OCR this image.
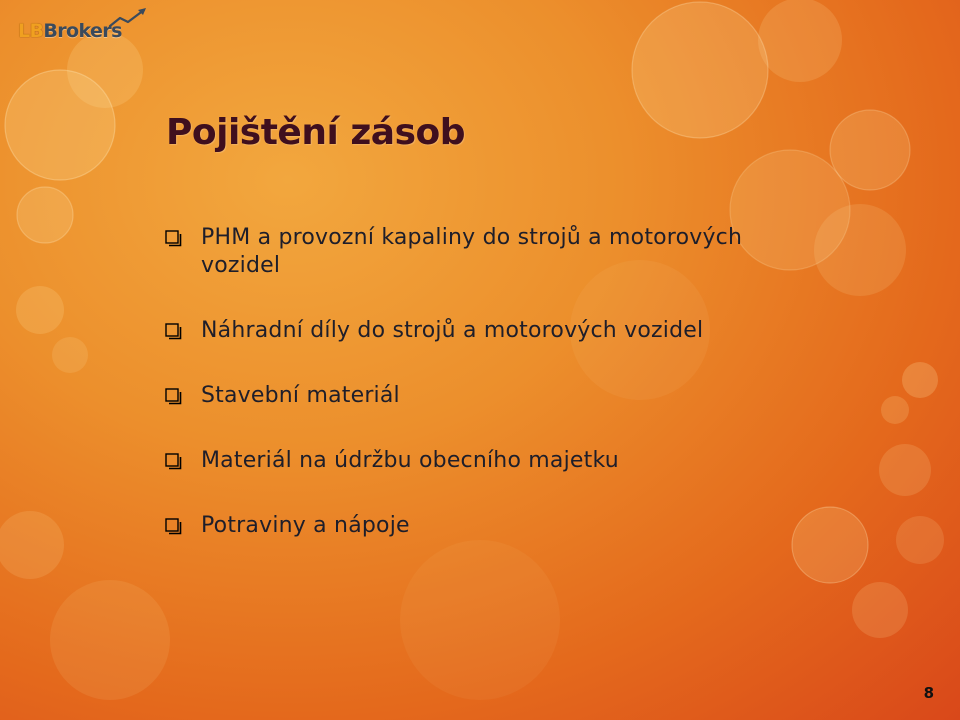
LBBrokers
Pojištění zásob
PHM a provozní kapaliny do strojů a motorových vozidel
Náhradní díly do strojů a motorových vozidel
Stavební materiál
Materiál na údržbu obecního majetku
Potraviny a nápoje
8
